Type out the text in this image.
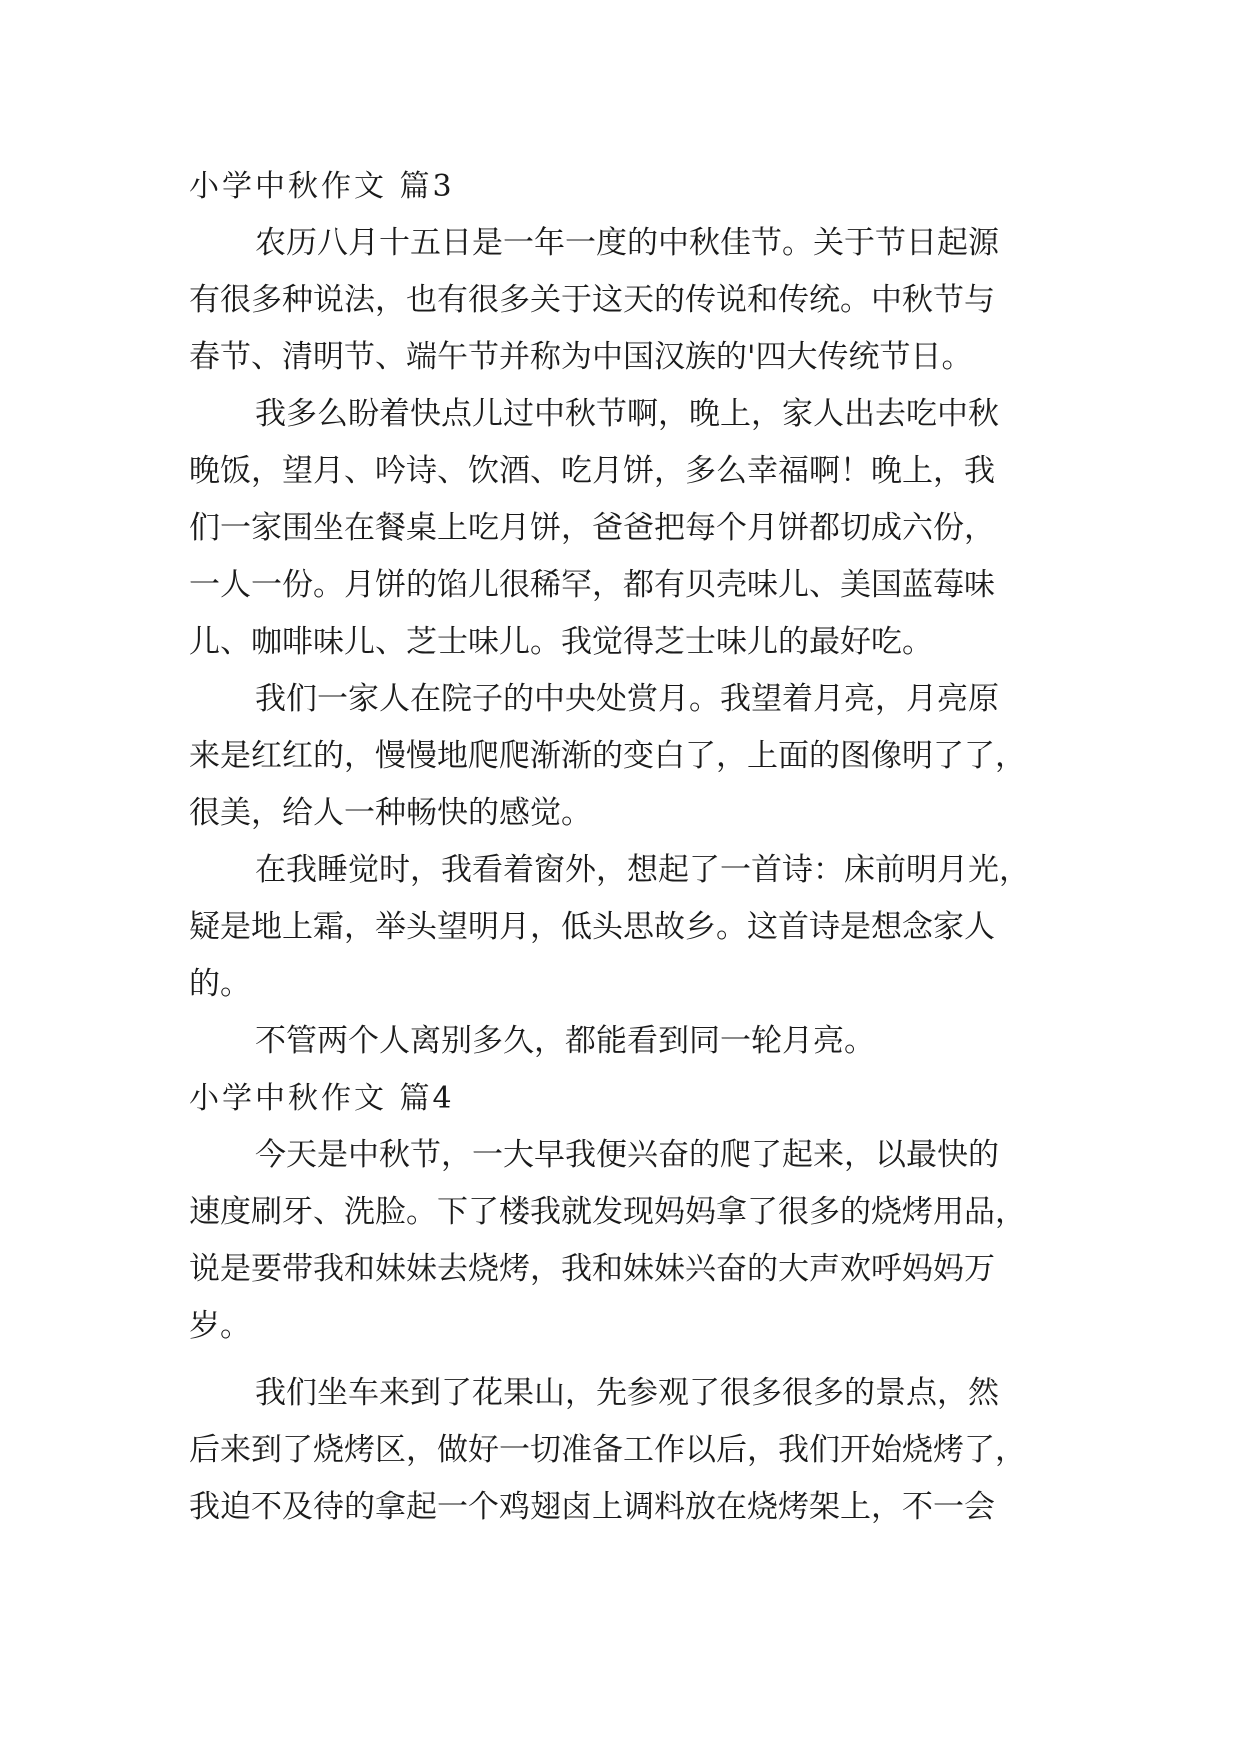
小学中秋作文 篇3
农历八月十五日是一年一度的中秋佳节。关于节日起源
有很多种说法，也有很多关于这天的传说和传统。中秋节与
春节、清明节、端午节并称为中国汉族的'四大传统节日。
我多么盼着快点儿过中秋节啊，晚上，家人出去吃中秋
晚饭，望月、吟诗、饮酒、吃月饼，多么幸福啊！晚上，我
们一家围坐在餐桌上吃月饼，爸爸把每个月饼都切成六份，
一人一份。月饼的馅儿很稀罕，都有贝壳味儿、美国蓝莓味
儿、咖啡味儿、芝士味儿。我觉得芝士味儿的最好吃。
我们一家人在院子的中央处赏月。我望着月亮，月亮原
来是红红的，慢慢地爬爬渐渐的变白了，上面的图像明了了，
很美，给人一种畅快的感觉。
在我睡觉时，我看着窗外，想起了一首诗：床前明月光，
疑是地上霜，举头望明月，低头思故乡。这首诗是想念家人
的。
不管两个人离别多久，都能看到同一轮月亮。
小学中秋作文 篇4
今天是中秋节，一大早我便兴奋的爬了起来，以最快的
速度刷牙、洗脸。下了楼我就发现妈妈拿了很多的烧烤用品，
说是要带我和妹妹去烧烤，我和妹妹兴奋的大声欢呼妈妈万
岁。
我们坐车来到了花果山，先参观了很多很多的景点，然
后来到了烧烤区，做好一切准备工作以后，我们开始烧烤了，
我迫不及待的拿起一个鸡翅卤上调料放在烧烤架上，不一会
